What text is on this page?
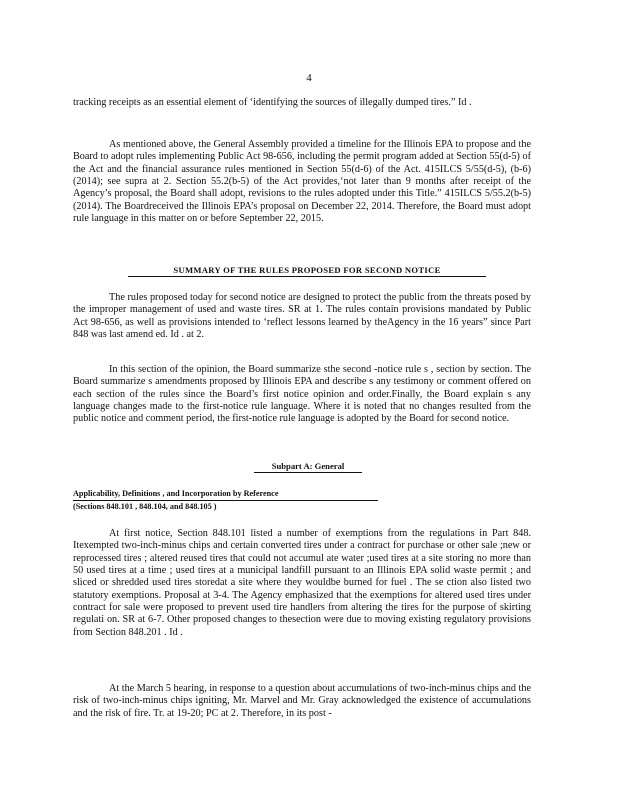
4
tracking receipts as an essential element of ‘identifying the sources of illegally dumped tires.” Id .
As mentioned above, the General Assembly provided a timeline for the Illinois EPA to propose and the Board to adopt rules implementing Public Act 98-656, including the permit program added at Section 55(d-5) of the Act and the financial assurance rules mentioned in Section 55(d-6) of the Act. 415ILCS 5/55(d-5), (b-6) (2014); see supra at 2. Section 55.2(b-5) of the Act provides,‘not later than 9 months after receipt of the Agency’s proposal, the Board shall adopt, revisions to the rules adopted under this Title.” 415ILCS 5/55.2(b-5) (2014). The Boardreceived the Illinois EPA’s proposal on December 22, 2014. Therefore, the Board must adopt rule language in this matter on or before September 22, 2015.
SUMMARY OF THE RULES PROPOSED FOR SECOND NOTICE
The rules proposed today for second notice are designed to protect the public from the threats posed by the improper management of used and waste tires. SR at 1. The rules contain provisions mandated by Public Act 98-656, as well as provisions intended to ‘reflect lessons learned by theAgency in the 16 years” since Part 848 was last amend ed. Id . at 2.
In this section of the opinion, the Board summarize sthe second -notice rule s , section by section. The Board summarize s amendments proposed by Illinois EPA and describe s any testimony or comment offered on each section of the rules since the Board’s first notice opinion and order.Finally, the Board explain s any language changes made to the first-notice rule language. Where it is noted that no changes resulted from the public notice and comment period, the first-notice rule language is adopted by the Board for second notice.
Subpart A: General
Applicability, Definitions , and Incorporation by Reference
(Sections 848.101 , 848.104, and 848.105 )
At first notice, Section 848.101 listed a number of exemptions from the regulations in Part 848. Itexempted two-inch-minus chips and certain converted tires under a contract for purchase or other sale ;new or reprocessed tires ; altered reused tires that could not accumul ate water ;used tires at a site storing no more than 50 used tires at a time ; used tires at a municipal landfill pursuant to an Illinois EPA solid waste permit ; and sliced or shredded used tires storedat a site where they wouldbe burned for fuel . The se ction also listed two statutory exemptions. Proposal at 3-4. The Agency emphasized that the exemptions for altered used tires under contract for sale were proposed to prevent used tire handlers from altering the tires for the purpose of skirting regulati on. SR at 6-7. Other proposed changes to thesection were due to moving existing regulatory provisions from Section 848.201 . Id .
At the March 5 hearing, in response to a question about accumulations of two-inch-minus chips and the risk of two-inch-minus chips igniting, Mr. Marvel and Mr. Gray acknowledged the existence of accumulations and the risk of fire. Tr. at 19-20; PC at 2. Therefore, in its post -
